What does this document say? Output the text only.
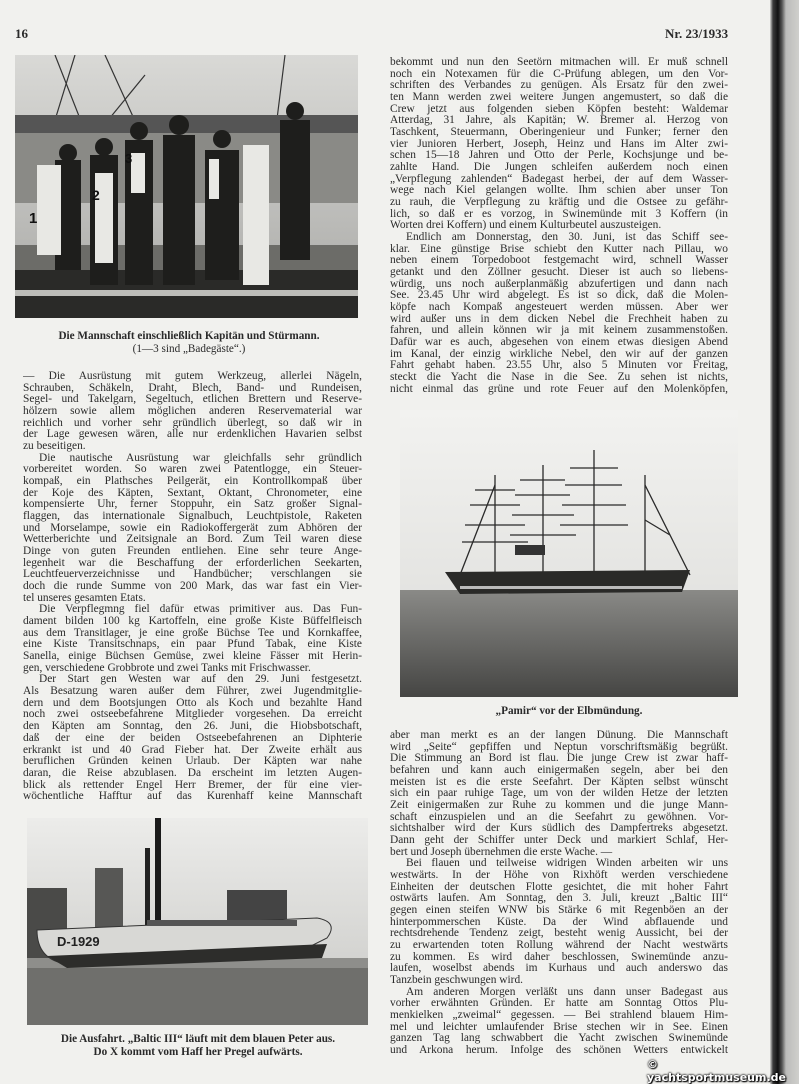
16	Nr. 23/1933
1
2
3
Die Mannschaft einschließlich Kapitän und Stürmann.
(1—3 sind „Badegäste“.)
— Die Ausrüstung mit gutem Werkzeug, allerlei Nägeln,
Schrauben, Schäkeln, Draht, Blech, Band- und Rundeisen,
Segel- und Takelgarn, Segeltuch, etlichen Brettern und Reserve-
hölzern sowie allem möglichen anderen Reservematerial war
reichlich und vorher sehr gründlich überlegt, so daß wir in
der Lage gewesen wären, alle nur erdenklichen Havarien selbst
zu beseitigen.
Die nautische Ausrüstung war gleichfalls sehr gründlich
vorbereitet worden. So waren zwei Patentlogge, ein Steuer-
kompaß, ein Plathsches Peilgerät, ein Kontrollkompaß über
der Koje des Käpten, Sextant, Oktant, Chronometer, eine
kompensierte Uhr, ferner Stoppuhr, ein Satz großer Signal-
flaggen, das internationale Signalbuch, Leuchtpistole, Raketen
und Morselampe, sowie ein Radiokoffergerät zum Abhören der
Wetterberichte und Zeitsignale an Bord. Zum Teil waren diese
Dinge von guten Freunden entliehen. Eine sehr teure Ange-
legenheit war die Beschaffung der erforderlichen Seekarten,
Leuchtfeuerverzeichnisse und Handbücher; verschlangen sie
doch die runde Summe von 200 Mark, das war fast ein Vier-
tel unseres gesamten Etats.
Die Verpflegmng fiel dafür etwas primitiver aus. Das Fun-
dament bilden 100 kg Kartoffeln, eine große Kiste Büffelfleisch
aus dem Transitlager, je eine große Büchse Tee und Kornkaffee,
eine Kiste Transitschnaps, ein paar Pfund Tabak, eine Kiste
Sanella, einige Büchsen Gemüse, zwei kleine Fässer mit Herin-
gen, verschiedene Grobbrote und zwei Tanks mit Frischwasser.
Der Start gen Westen war auf den 29. Juni festgesetzt.
Als Besatzung waren außer dem Führer, zwei Jugendmitglie-
dern und dem Bootsjungen Otto als Koch und bezahlte Hand
noch zwei ostseebefahrene Mitglieder vorgesehen. Da erreicht
den Käpten am Sonntag, den 26. Juni, die Hiobsbotschaft,
daß der eine der beiden Ostseebefahrenen an Diphterie
erkrankt ist und 40 Grad Fieber hat. Der Zweite erhält aus
beruflichen Gründen keinen Urlaub. Der Käpten war nahe
daran, die Reise abzublasen. Da erscheint im letzten Augen-
blick als rettender Engel Herr Bremer, der für eine vier-
wöchentliche Hafftur auf das Kurenhaff keine Mannschaft
D-1929
Die Ausfahrt. „Baltic III“ läuft mit dem blauen Peter aus.
Do X kommt vom Haff her Pregel aufwärts.
bekommt und nun den Seetörn mitmachen will. Er muß schnell
noch ein Notexamen für die C-Prüfung ablegen, um den Vor-
schriften des Verbandes zu genügen. Als Ersatz für den zwei-
ten Mann werden zwei weitere Jungen angemustert, so daß die
Crew jetzt aus folgenden sieben Köpfen besteht: Waldemar
Atterdag, 31 Jahre, als Kapitän; W. Bremer al. Herzog von
Taschkent, Steuermann, Oberingenieur und Funker; ferner den
vier Junioren Herbert, Joseph, Heinz und Hans im Alter zwi-
schen 15—18 Jahren und Otto der Perle, Kochsjunge und be-
zahlte Hand. Die Jungen schleifen außerdem noch einen
„Verpflegung zahlenden“ Badegast herbei, der auf dem Wasser-
wege nach Kiel gelangen wollte. Ihm schien aber unser Ton
zu rauh, die Verpflegung zu kräftig und die Ostsee zu gefähr-
lich, so daß er es vorzog, in Swinemünde mit 3 Koffern (in
Worten drei Koffern) und einem Kulturbeutel auszusteigen.
Endlich am Donnerstag, den 30. Juni, ist das Schiff see-
klar. Eine günstige Brise schiebt den Kutter nach Pillau, wo
neben einem Torpedoboot festgemacht wird, schnell Wasser
getankt und den Zöllner gesucht. Dieser ist auch so liebens-
würdig, uns noch außerplanmäßig abzufertigen und dann nach
See. 23.45 Uhr wird abgelegt. Es ist so dick, daß die Molen-
köpfe nach Kompaß angesteuert werden müssen. Aber wer
wird außer uns in dem dicken Nebel die Frechheit haben zu
fahren, und allein können wir ja mit keinem zusammenstoßen.
Dafür war es auch, abgesehen von einem etwas diesigen Abend
im Kanal, der einzig wirkliche Nebel, den wir auf der ganzen
Fahrt gehabt haben. 23.55 Uhr, also 5 Minuten vor Freitag,
steckt die Yacht die Nase in die See. Zu sehen ist nichts,
nicht einmal das grüne und rote Feuer auf den Molenköpfen,
„Pamir“ vor der Elbmündung.
aber man merkt es an der langen Dünung. Die Mannschaft
wird „Seite“ gepfiffen und Neptun vorschriftsmäßig begrüßt.
Die Stimmung an Bord ist flau. Die junge Crew ist zwar haff-
befahren und kann auch einigermaßen segeln, aber bei den
meisten ist es die erste Seefahrt. Der Käpten selbst wünscht
sich ein paar ruhige Tage, um von der wilden Hetze der letzten
Zeit einigermaßen zur Ruhe zu kommen und die junge Mann-
schaft einzuspielen und an die Seefahrt zu gewöhnen. Vor-
sichtshalber wird der Kurs südlich des Dampfertreks abgesetzt.
Dann geht der Schiffer unter Deck und markiert Schlaf, Her-
bert und Joseph übernehmen die erste Wache. —
Bei flauen und teilweise widrigen Winden arbeiten wir uns
westwärts. In der Höhe von Rixhöft werden verschiedene
Einheiten der deutschen Flotte gesichtet, die mit hoher Fahrt
ostwärts laufen. Am Sonntag, den 3. Juli, kreuzt „Baltic III“
gegen einen steifen WNW bis Stärke 6 mit Regenböen an der
hinterpommerschen Küste. Da der Wind abflauende und
rechtsdrehende Tendenz zeigt, besteht wenig Aussicht, bei der
zu erwartenden toten Rollung während der Nacht westwärts
zu kommen. Es wird daher beschlossen, Swinemünde anzu-
laufen, woselbst abends im Kurhaus und auch anderswo das
Tanzbein geschwungen wird.
Am anderen Morgen verläßt uns dann unser Badegast aus
vorher erwähnten Gründen. Er hatte am Sonntag Ottos Plu-
menkielken „zweimal“ gegessen. — Bei strahlend blauem Him-
mel und leichter umlaufender Brise stechen wir in See. Einen
ganzen Tag lang schwabbert die Yacht zwischen Swinemünde
und Arkona herum. Infolge des schönen Wetters entwickelt
© yachtsportmuseum.de
